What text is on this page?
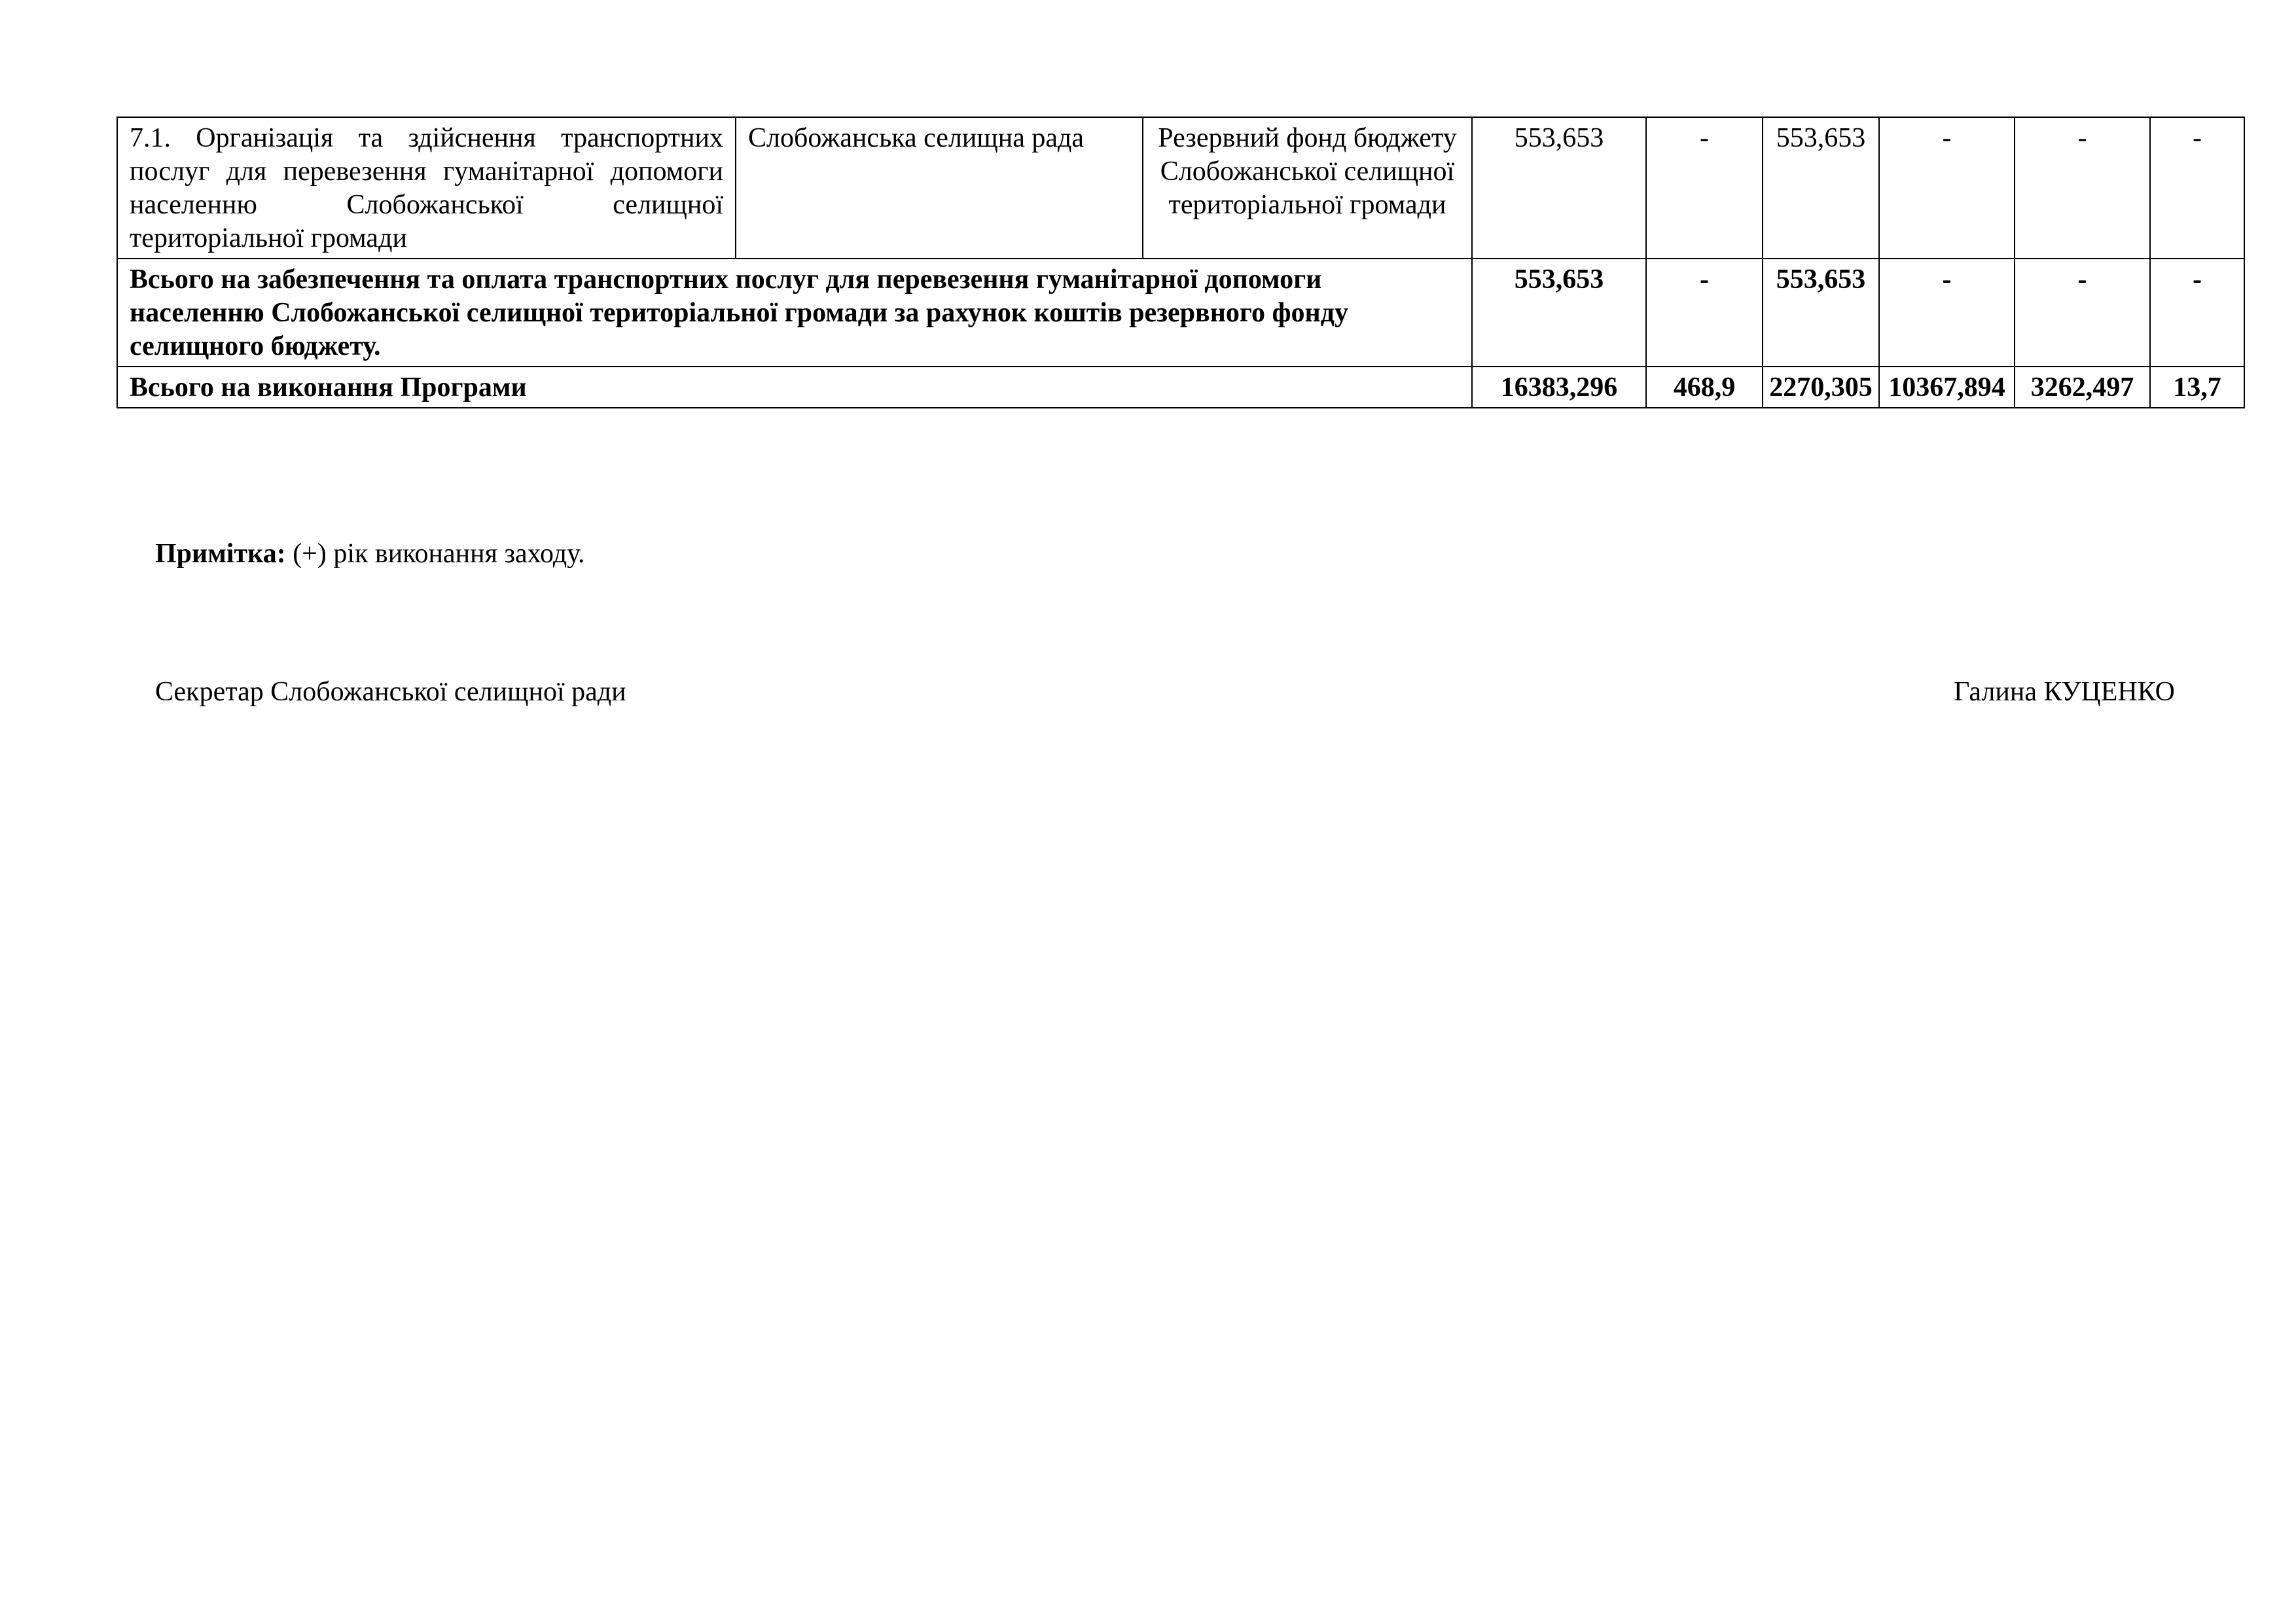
7.1. Організація та здійснення транспортних послуг для перевезення гуманітарної допомоги населенню Слобожанської селищної територіальної громади	Слобожанська селищна рада	Резервний фонд бюджету Слобожанської селищної територіальної громади	553,653	-	553,653	-	-	-
Всього на забезпечення та оплата транспортних послуг для перевезення гуманітарної допомоги населенню Слобожанської селищної територіальної громади за рахунок коштів резервного фонду селищного бюджету.			553,653	-	553,653	-	-	-
Всього на виконання Програми			16383,296	468,9	2270,305	10367,894	3262,497	13,7
Примітка: (+) рік виконання заходу.
Секретар Слобожанської селищної ради	Галина КУЦЕНКО
